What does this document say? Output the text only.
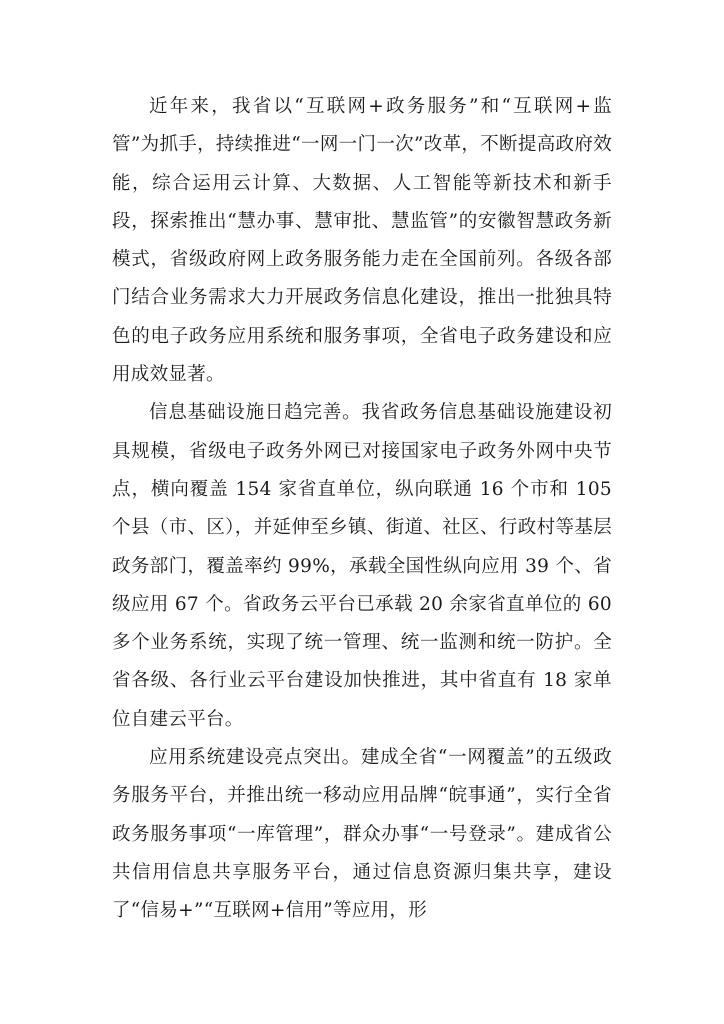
近年来，我省以“互联网+政务服务”和“互联网+监管”为抓手，持续推进“一网一门一次”改革，不断提高政府效能，综合运用云计算、大数据、人工智能等新技术和新手段，探索推出“慧办事、慧审批、慧监管”的安徽智慧政务新模式，省级政府网上政务服务能力走在全国前列。各级各部门结合业务需求大力开展政务信息化建设，推出一批独具特色的电子政务应用系统和服务事项，全省电子政务建设和应用成效显著。

信息基础设施日趋完善。我省政务信息基础设施建设初具规模，省级电子政务外网已对接国家电子政务外网中央节点，横向覆盖 154 家省直单位，纵向联通 16 个市和 105 个县（市、区），并延伸至乡镇、街道、社区、行政村等基层政务部门，覆盖率约 99%，承载全国性纵向应用 39 个、省级应用 67 个。省政务云平台已承载 20 余家省直单位的 60 多个业务系统，实现了统一管理、统一监测和统一防护。全省各级、各行业云平台建设加快推进，其中省直有 18 家单位自建云平台。

应用系统建设亮点突出。建成全省“一网覆盖”的五级政务服务平台，并推出统一移动应用品牌“皖事通”，实行全省政务服务事项“一库管理”，群众办事“一号登录”。建成省公共信用信息共享服务平台，通过信息资源归集共享，建设了“信易+”“互联网+信用”等应用，形
